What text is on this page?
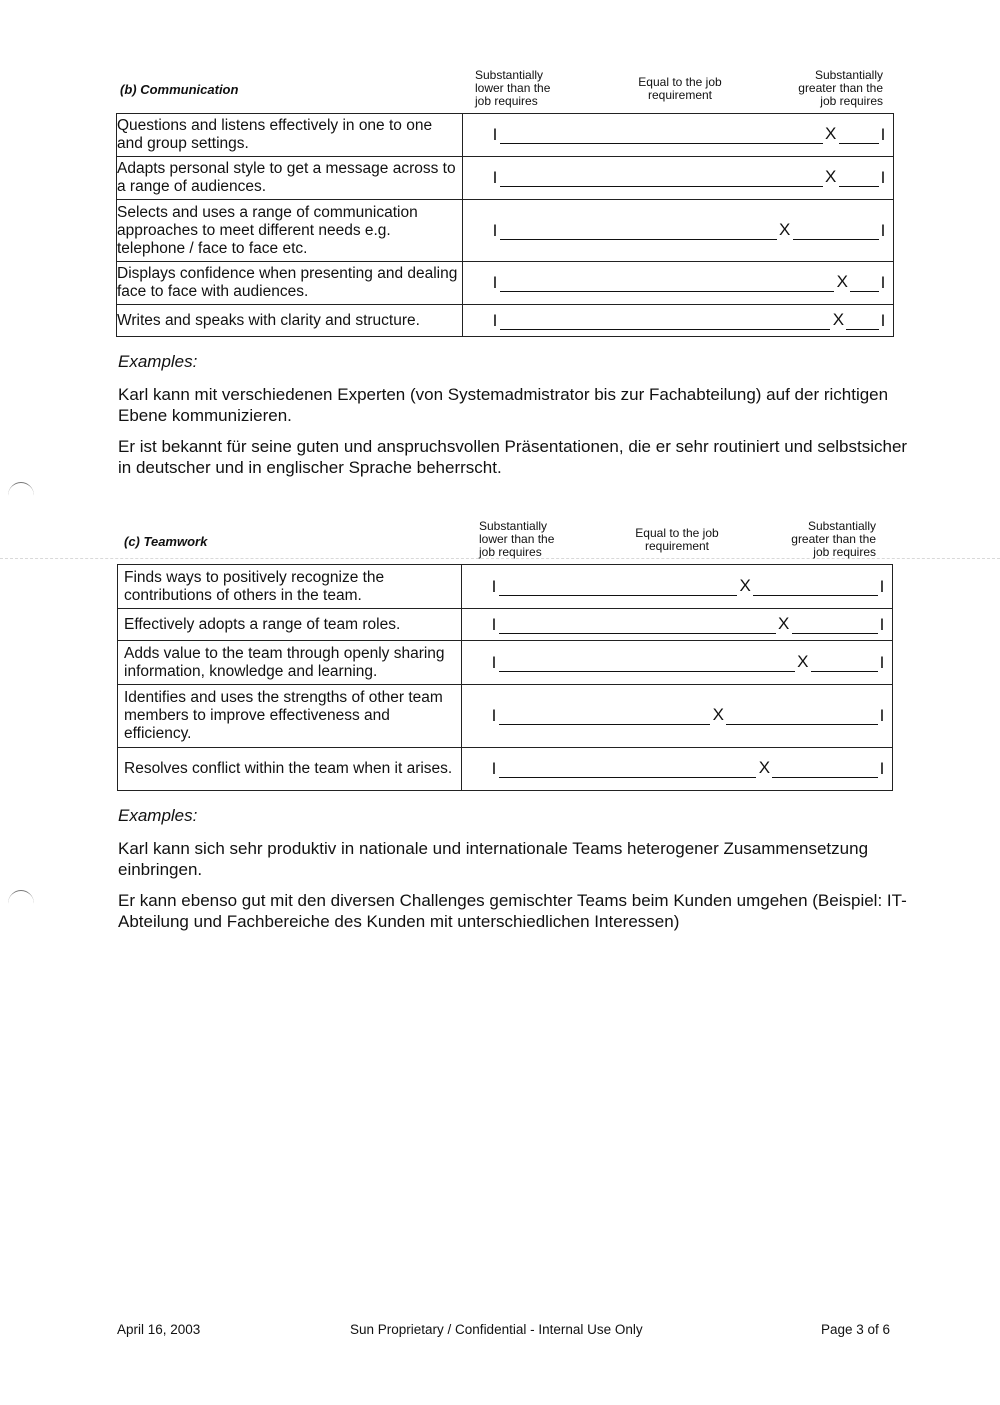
(b) Communication
Substantially
lower than the
job requires
Equal to the job
requirement
Substantially
greater than the
job requires
Questions and listens effectively in one to one and group settings.	I X I

Adapts personal style to get a message across to a range of audiences.	I X I

Selects and uses a range of communication approaches to meet different needs e.g. telephone / face to face etc.	I X I

Displays confidence when presenting and dealing face to face with audiences.	I X I

Writes and speaks with clarity and structure.	I X I
Examples:
Karl kann mit verschiedenen Experten (von Systemadmistrator bis zur Fachabteilung) auf der richtigen Ebene kommunizieren.
Er ist bekannt für seine guten und anspruchsvollen Präsentationen, die er sehr routiniert und selbstsicher in deutscher und in englischer Sprache beherrscht.
(c) Teamwork
Substantially
lower than the
job requires
Equal to the job
requirement
Substantially
greater than the
job requires
Finds ways to positively recognize the contributions of others in the team.	I X I

Effectively adopts a range of team roles.	I X I

Adds value to the team through openly sharing information, knowledge and learning.	I X I

Identifies and uses the strengths of other team members to improve effectiveness and efficiency.	I X I

Resolves conflict within the team when it arises.	I X I
Examples:
Karl kann sich sehr produktiv in nationale und internationale Teams heterogener Zusammensetzung einbringen.
Er kann ebenso gut mit den diversen Challenges gemischter Teams beim Kunden umgehen (Beispiel: IT-Abteilung und Fachbereiche des Kunden mit unterschiedlichen Interessen)
April 16, 2003	Sun Proprietary / Confidential - Internal Use Only	Page 3 of 6
